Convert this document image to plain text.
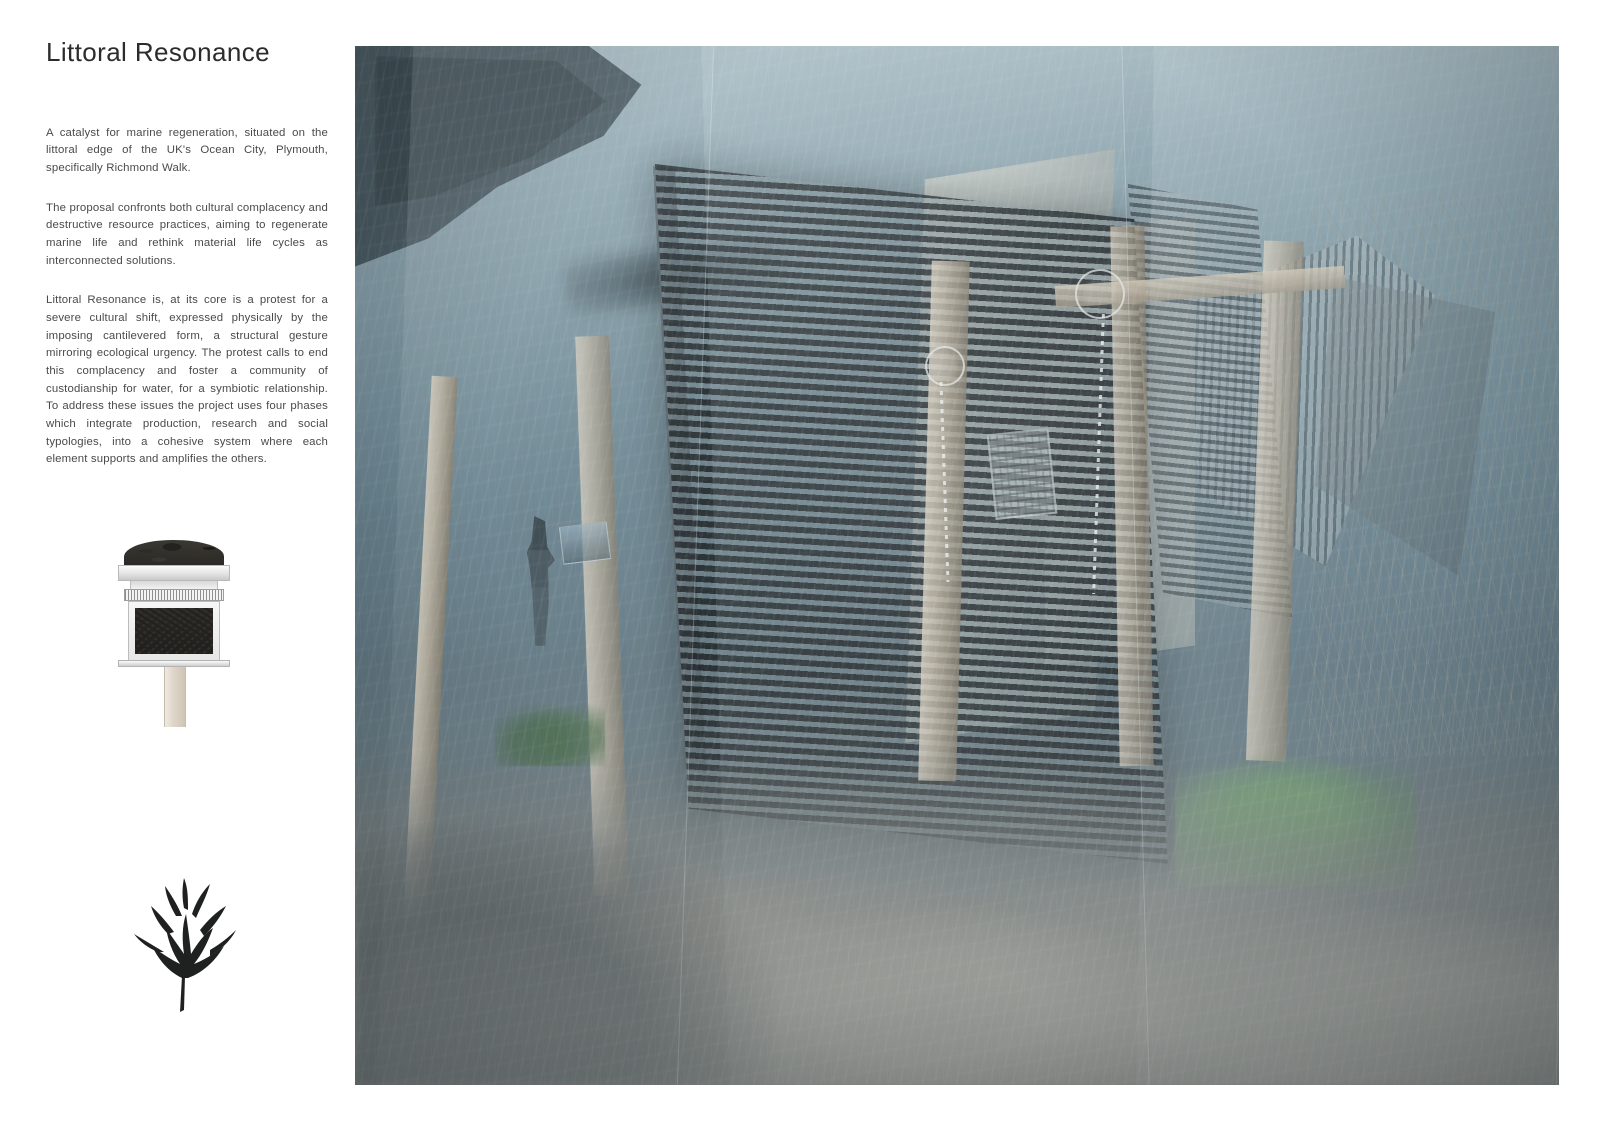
Littoral Resonance

A catalyst for marine regeneration, situated on the littoral edge of the UK's Ocean City, Plymouth, specifically Richmond Walk.

The proposal confronts both cultural complacency and destructive resource practices, aiming to regenerate marine life and rethink material life cycles as interconnected solutions.

Littoral Resonance is, at its core is a protest for a severe cultural shift, expressed physically by the imposing cantilevered form, a structural gesture mirroring ecological urgency. The protest calls to end this complacency and foster a community of custodianship for water, for a symbiotic relationship. To address these issues the project uses four phases which integrate production, research and social typologies, into a cohesive system where each element supports and amplifies the others.
